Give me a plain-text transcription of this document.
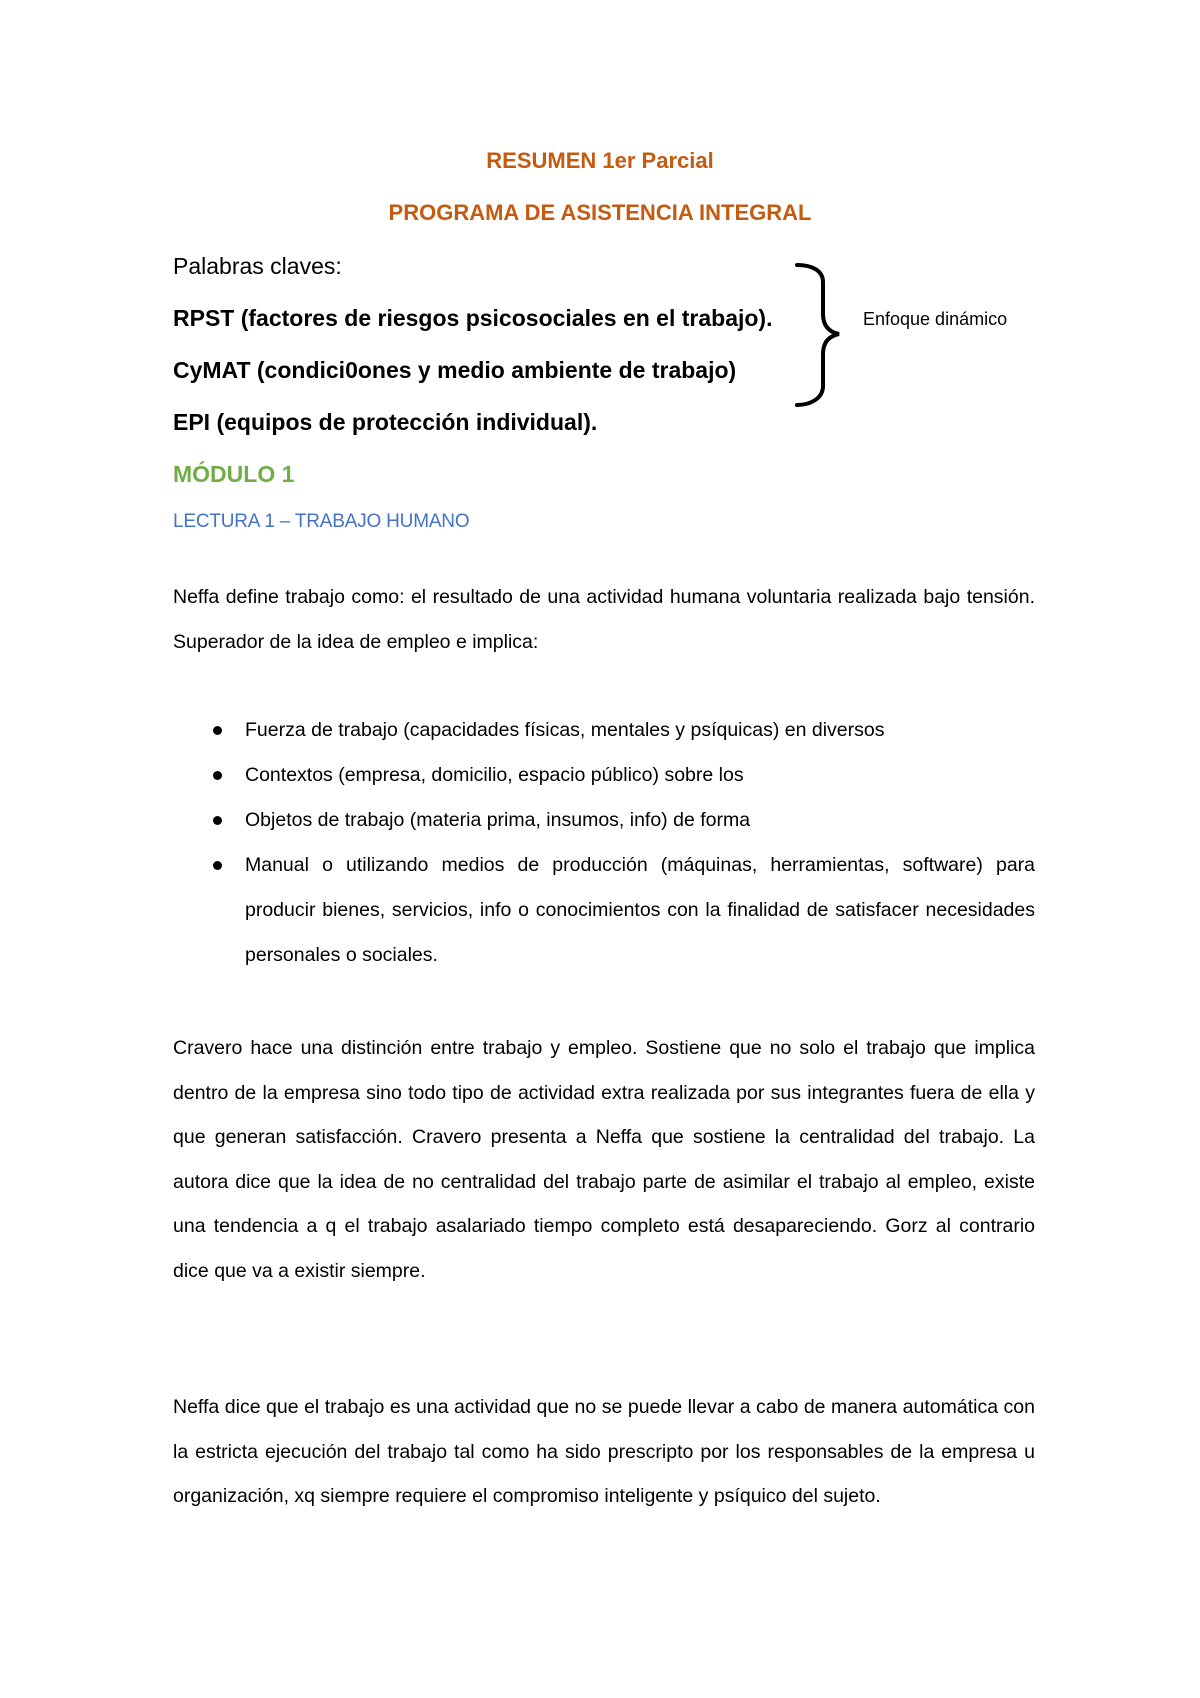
RESUMEN 1er Parcial
PROGRAMA DE ASISTENCIA INTEGRAL
Palabras claves:
RPST (factores de riesgos psicosociales en el trabajo).
CyMAT (condici0ones y medio ambiente de trabajo)
EPI (equipos de protección individual).
Enfoque dinámico
MÓDULO 1
LECTURA 1 – TRABAJO HUMANO

Neffa define trabajo como: el resultado de una actividad humana voluntaria realizada bajo tensión. Superador de la idea de empleo e implica:

Fuerza de trabajo (capacidades físicas, mentales y psíquicas) en diversos
Contextos (empresa, domicilio, espacio público) sobre los
Objetos de trabajo (materia prima, insumos, info) de forma
Manual o utilizando medios de producción (máquinas, herramientas, software) para producir bienes, servicios, info o conocimientos con la finalidad de satisfacer necesidades personales o sociales.

Cravero hace una distinción entre trabajo y empleo. Sostiene que no solo el trabajo que implica dentro de la empresa sino todo tipo de actividad extra realizada por sus integrantes fuera de ella y que generan satisfacción. Cravero presenta a Neffa que sostiene la centralidad del trabajo. La autora dice que la idea de no centralidad del trabajo parte de asimilar el trabajo al empleo, existe una tendencia a q el trabajo asalariado tiempo completo está desapareciendo. Gorz al contrario dice que va a existir siempre.

Neffa dice que el trabajo es una actividad que no se puede llevar a cabo de manera automática con la estricta ejecución del trabajo tal como ha sido prescripto por los responsables de la empresa u organización, xq siempre requiere el compromiso inteligente y psíquico del sujeto.
